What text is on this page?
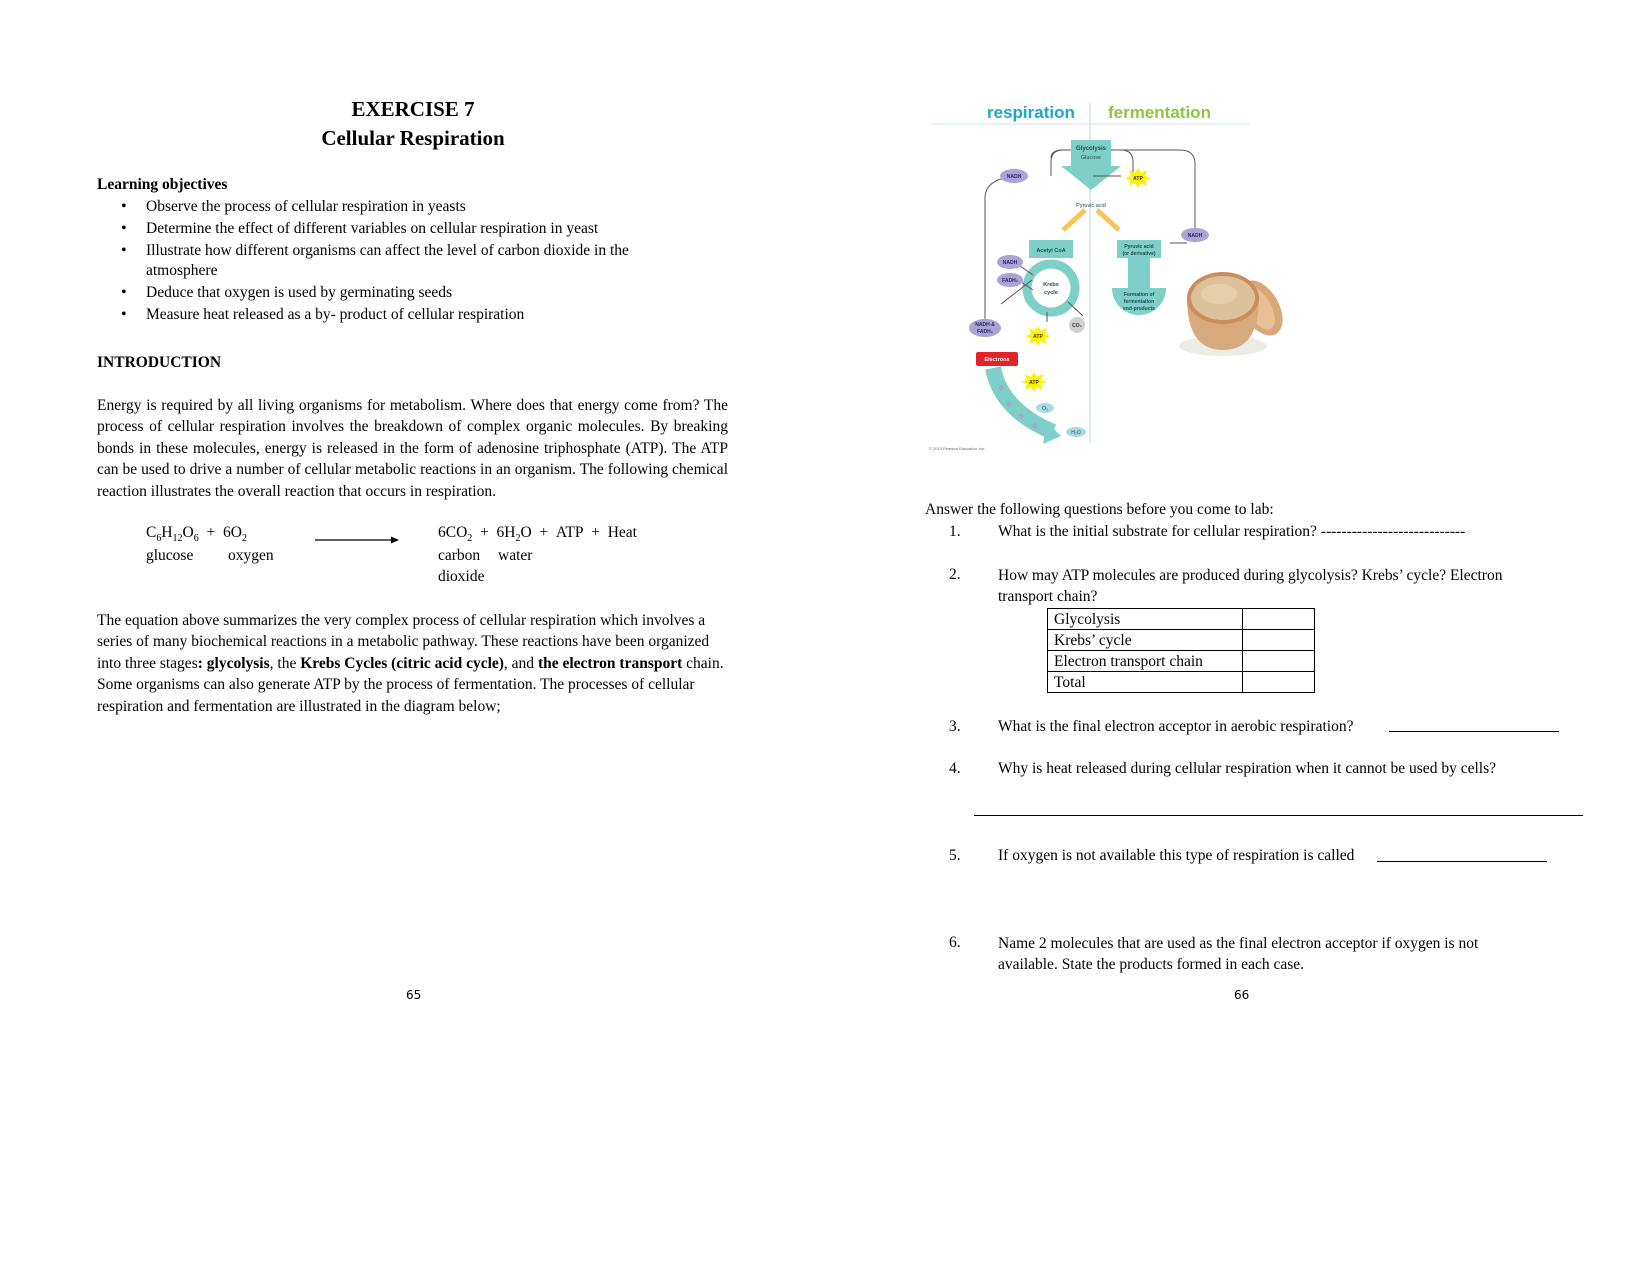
EXERCISE 7
Cellular Respiration
Learning objectives
• Observe the process of cellular respiration in yeasts
• Determine the effect of different variables on cellular respiration in yeast
• Illustrate how different organisms can affect the level of carbon dioxide in the atmosphere
• Deduce that oxygen is used by germinating seeds
• Measure heat released as a by- product of cellular respiration
INTRODUCTION
Energy is required by all living organisms for metabolism. Where does that energy come from? The process of cellular respiration involves the breakdown of complex organic molecules. By breaking bonds in these molecules, energy is released in the form of adenosine triphosphate (ATP). The ATP can be used to drive a number of cellular metabolic reactions in an organism. The following chemical reaction illustrates the overall reaction that occurs in respiration.
$C_6H_{12}O_6 + 6O_2$
glucose oxygen
$6CO_2 + 6H_2O$  +  ATP  +  Heat
carbon water
dioxide
The equation above summarizes the very complex process of cellular respiration which involves a series of many biochemical reactions in a metabolic pathway. These reactions have been organized into three stages: glycolysis, the Krebs Cycles (citric acid cycle), and the electron transport chain. Some organisms can also generate ATP by the process of fermentation. The processes of cellular respiration and fermentation are illustrated in the diagram below;
65
respiration fermentation
Glycolysis
Glucose
Pyruvic acid
Acetyl CoA
Krebs
cycle
Pyruvic acid
(or derivative)
Formation of
fermentation
end-products
NADH
NADH
NADH
FADH₂
NADH &
FADH₂
ATP
ATP
ATP
CO₂
Electrons
O₂
H₂O
© 2013 Pearson Education, Inc.
Answer the following questions before you come to lab:
1.	What is the initial substrate for cellular respiration? ----------------------------
2.	How may ATP molecules are produced during glycolysis? Krebs’ cycle? Electron transport chain?
Glycolysis	
Krebs’ cycle	
Electron transport chain	
Total	
3.	What is the final electron acceptor in aerobic respiration?
4.	Why is heat released during cellular respiration when it cannot be used by cells?
5.	If oxygen is not available this type of respiration is called
6.	Name 2 molecules that are used as the final electron acceptor if oxygen is not available. State the products formed in each case.
66
